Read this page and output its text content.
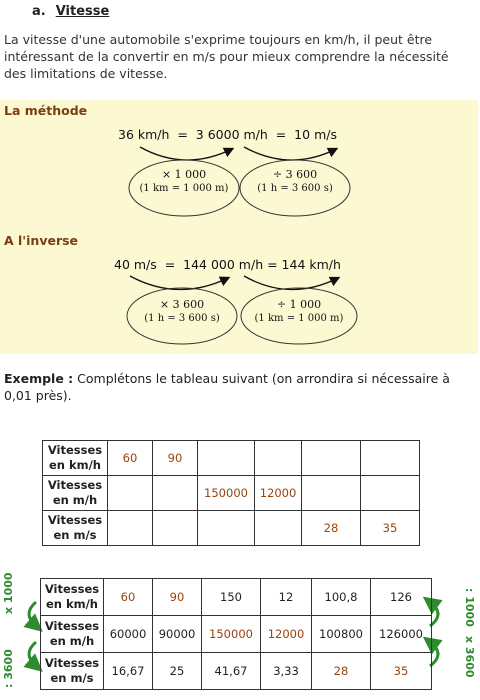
a. Vitesse
La vitesse d'une automobile s'exprime toujours en km/h, il peut être intéressant de la convertir en m/s pour mieux comprendre la nécessité des limitations de vitesse.
La méthode
36 km/h  =  3 6000 m/h  =  10 m/s
× 1 000
(1 km = 1 000 m)
÷ 3 600
(1 h = 3 600 s)
A l'inverse
40 m/s  =  144 000 m/h = 144 km/h
× 3 600
(1 h = 3 600 s)
÷ 1 000
(1 km = 1 000 m)
Exemple : Complétons le tableau suivant (on arrondira si nécessaire à 0,01 près).
Vitesses
en km/h	60	90				

Vitesses
en m/h			150000	12000		

Vitesses
en m/s					28	35
Vitesses
en km/h	60	90	150	12	100,8	126

Vitesses
en m/h	60000	90000	150000	12000	100800	126000

Vitesses
en m/s	16,67	25	41,67	3,33	28	35
x 1000
: 3600
: 1000
x 3600
